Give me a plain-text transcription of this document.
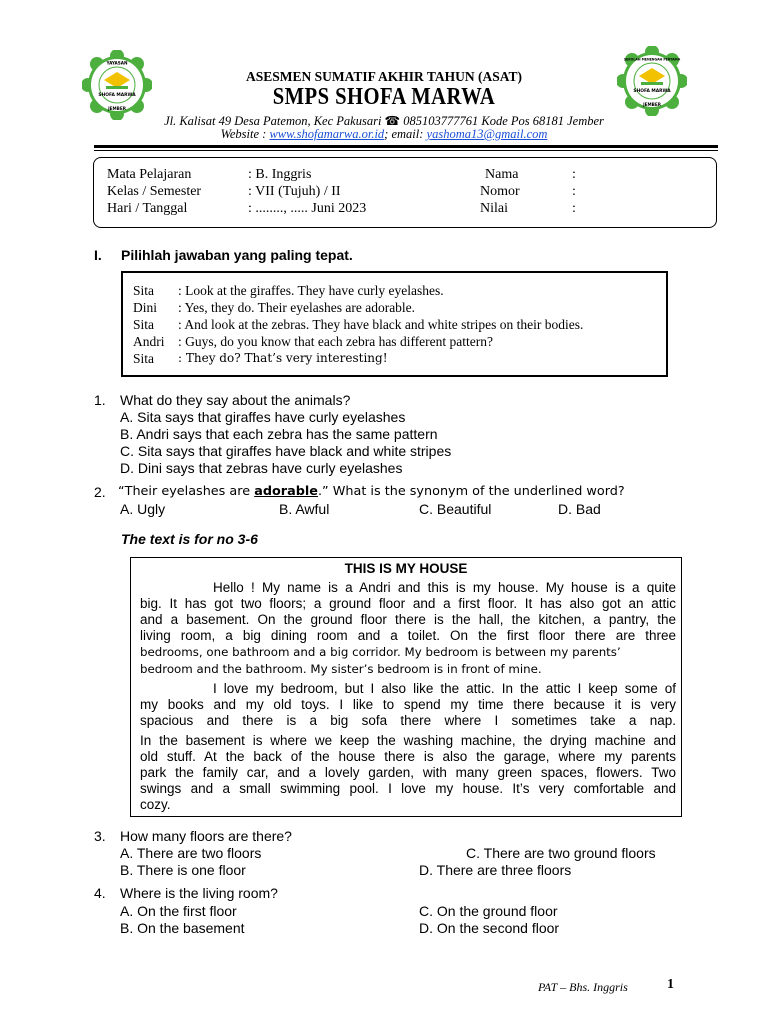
YAYASAN
SHOFA MARWA
JEMBER
SEKOLAH MENENGAH PERTAMA
SHOFA MARWA
JEMBER
ASESMEN SUMATIF AKHIR TAHUN (ASAT)
SMPS SHOFA MARWA
Jl. Kalisat 49 Desa Patemon, Kec Pakusari ☎ 085103777761 Kode Pos 68181 Jember
Website : www.shofamarwa.or.id; email: yashoma13@gmail.com
Mata Pelajaran	: B. Inggris	Nama	:
Kelas / Semester	: VII (Tujuh) / II	Nomor	:
Hari / Tanggal	: ........, ..... Juni 2023	Nilai	:
I. Pilihlah jawaban yang paling tepat.
Sita : Look at the giraffes. They have curly eyelashes.
Dini : Yes, they do. Their eyelashes are adorable.
Sita : And look at the zebras. They have black and white stripes on their bodies.
Andri : Guys, do you know that each zebra has different pattern?
Sita : They do? That’s very interesting!
1. What do they say about the animals?
A. Sita says that giraffes have curly eyelashes
B. Andri says that each zebra has the same pattern
C. Sita says that giraffes have black and white stripes
D. Dini says that zebras have curly eyelashes
2. “Their eyelashes are adorable.” What is the synonym of the underlined word?
A. Ugly	B. Awful	C. Beautiful	D. Bad
The text is for no 3-6
THIS IS MY HOUSE
Hello ! My name is a Andri and this is my house. My house is a quite
big. It has got two floors; a ground floor and a first floor. It has also got an attic
and a basement. On the ground floor there is the hall, the kitchen, a pantry, the
living room, a big dining room and a toilet. On the first floor there are three
bedrooms, one bathroom and a big corridor. My bedroom is between my parents’
bedroom and the bathroom. My sister’s bedroom is in front of mine.
I love my bedroom, but I also like the attic. In the attic I keep some of
my books and my old toys. I like to spend my time there because it is very
spacious and there is a big sofa there where I sometimes take a nap.
In the basement is where we keep the washing machine, the drying machine and
old stuff. At the back of the house there is also the garage, where my parents
park the family car, and a lovely garden, with many green spaces, flowers. Two
swings and a small swimming pool. I love my house. It’s very comfortable and
cozy.
3. How many floors are there?
A. There are two floors	C. There are two ground floors
B. There is one floor	D. There are three floors
4. Where is the living room?
A. On the first floor	C. On the ground floor
B. On the basement	D. On the second floor
PAT – Bhs. Inggris	1
